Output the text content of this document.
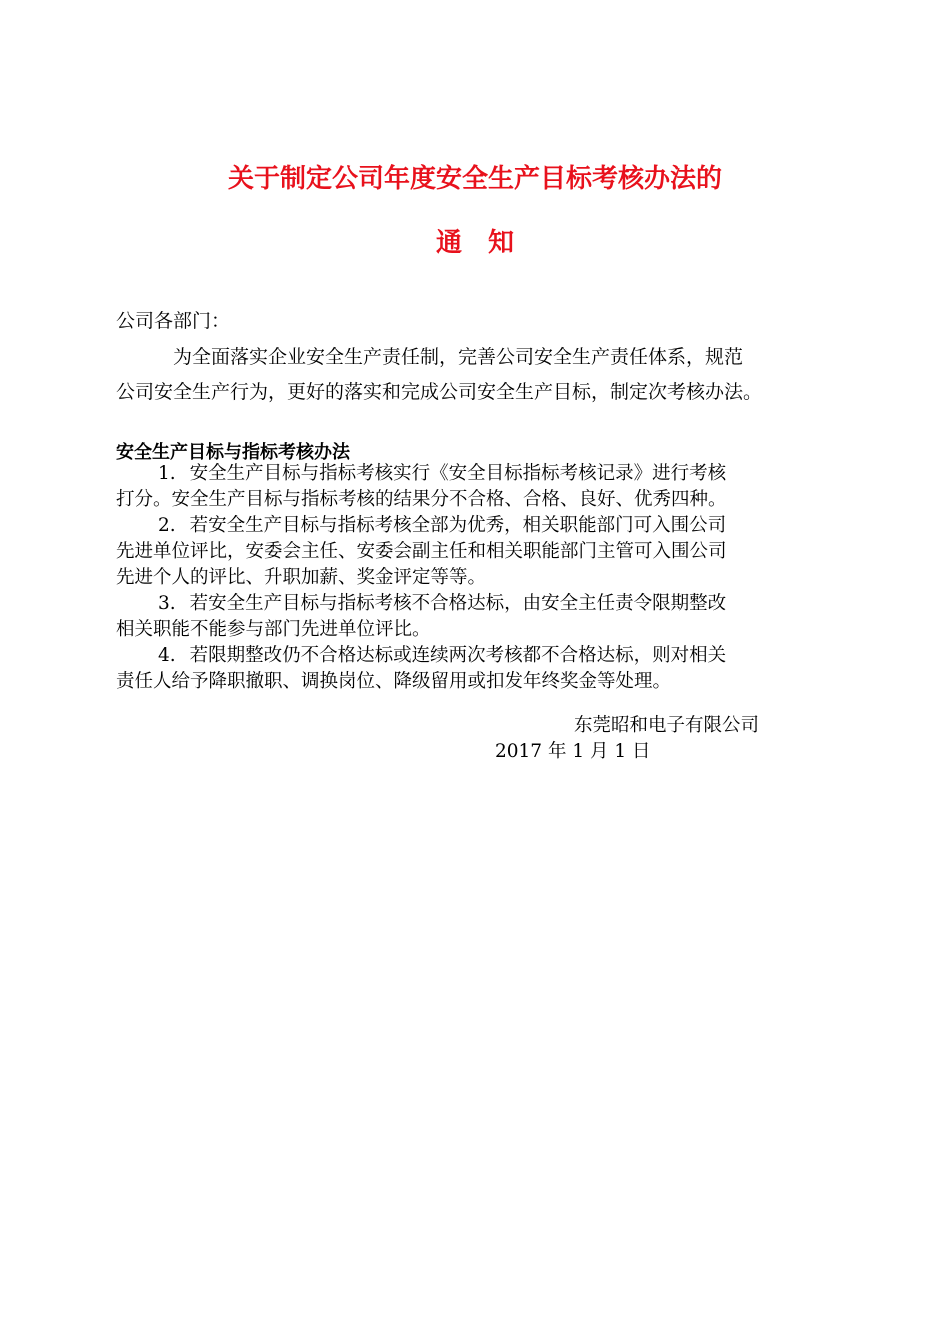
关于制定公司年度安全生产目标考核办法的
通知
公司各部门：
为全面落实企业安全生产责任制，完善公司安全生产责任体系，规范
公司安全生产行为，更好的落实和完成公司安全生产目标，制定次考核办法。
安全生产目标与指标考核办法
1. 安全生产目标与指标考核实行《安全目标指标考核记录》进行考核
打分。安全生产目标与指标考核的结果分不合格、合格、良好、优秀四种。
2. 若安全生产目标与指标考核全部为优秀，相关职能部门可入围公司
先进单位评比，安委会主任、安委会副主任和相关职能部门主管可入围公司
先进个人的评比、升职加薪、奖金评定等等。
3. 若安全生产目标与指标考核不合格达标，由安全主任责令限期整改
相关职能不能参与部门先进单位评比。
4. 若限期整改仍不合格达标或连续两次考核都不合格达标，则对相关
责任人给予降职撤职、调换岗位、降级留用或扣发年终奖金等处理。
东莞昭和电子有限公司
2017 年 1 月 1 日
